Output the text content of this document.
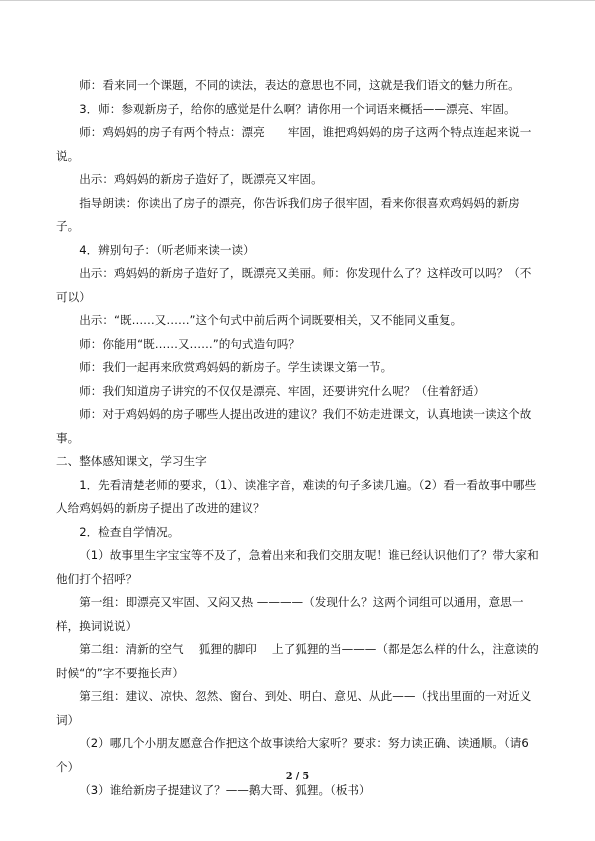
师：看来同一个课题，不同的读法，表达的意思也不同，这就是我们语文的魅力所在。

3．师：参观新房子，给你的感觉是什么啊？请你用一个词语来概括——漂亮、牢固。

师：鸡妈妈的房子有两个特点：漂亮　　牢固，谁把鸡妈妈的房子这两个特点连起来说一说。

出示：鸡妈妈的新房子造好了，既漂亮又牢固。

指导朗读：你读出了房子的漂亮，你告诉我们房子很牢固，看来你很喜欢鸡妈妈的新房子。

4．辨别句子：（听老师来读一读）

出示：鸡妈妈的新房子造好了，既漂亮又美丽。师：你发现什么了？这样改可以吗？（不可以）

出示：“既……又……”这个句式中前后两个词既要相关，又不能同义重复。

师：你能用“既……又……”的句式造句吗？

师：我们一起再来欣赏鸡妈妈的新房子。学生读课文第一节。

师：我们知道房子讲究的不仅仅是漂亮、牢固，还要讲究什么呢？（住着舒适）

师：对于鸡妈妈的房子哪些人提出改进的建议？我们不妨走进课文，认真地读一读这个故事。

二、整体感知课文，学习生字

1．先看清楚老师的要求，（1）、读准字音，难读的句子多读几遍。（2）看一看故事中哪些人给鸡妈妈的新房子提出了改进的建议？

2．检查自学情况。

（1）故事里生字宝宝等不及了，急着出来和我们交朋友呢！谁已经认识他们了？带大家和他们打个招呼？

第一组：即漂亮又牢固、又闷又热 ————（发现什么？这两个词组可以通用，意思一样，换词说说）

第二组：清新的空气　 狐狸的脚印　 上了狐狸的当———（都是怎么样的什么，注意读的时候“的”字不要拖长声）

第三组：建议、凉快、忽然、窗台、到处、明白、意见、从此——（找出里面的一对近义词）

（2）哪几个小朋友愿意合作把这个故事读给大家听？要求：努力读正确、读通顺。（请6个）

（3）谁给新房子提建议了？——鹅大哥、狐狸。（板书）

2 / 5
